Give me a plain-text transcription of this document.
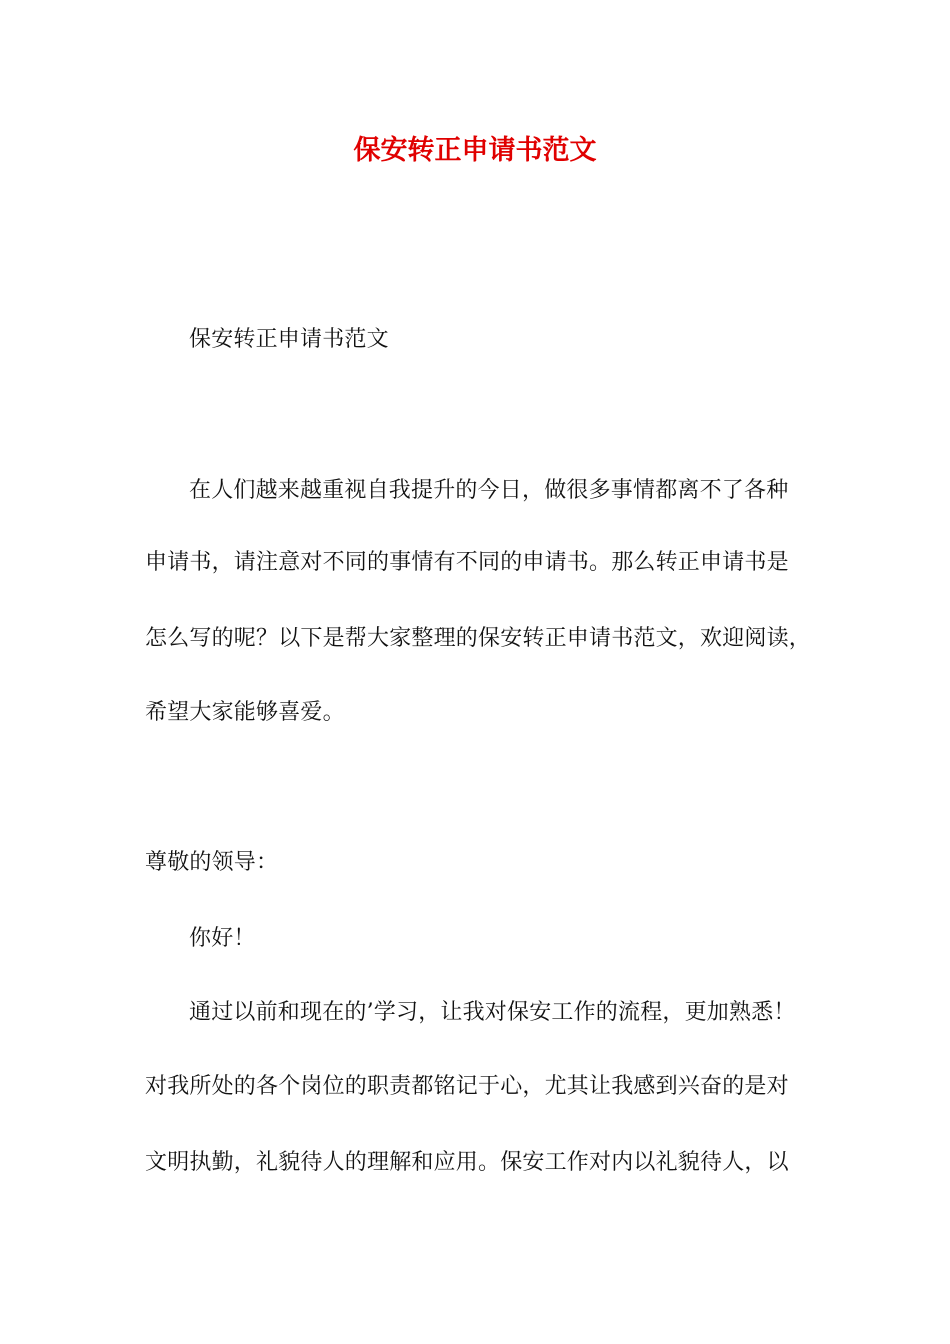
保安转正申请书范文
保安转正申请书范文
在人们越来越重视自我提升的今日，做很多事情都离不了各种
申请书，请注意对不同的事情有不同的申请书。那么转正申请书是
怎么写的呢？以下是帮大家整理的保安转正申请书范文，欢迎阅读，
希望大家能够喜爱。
尊敬的领导：
你好！
通过以前和现在的’学习，让我对保安工作的流程，更加熟悉！
对我所处的各个岗位的职责都铭记于心，尤其让我感到兴奋的是对
文明执勤，礼貌待人的理解和应用。保安工作对内以礼貌待人，以
